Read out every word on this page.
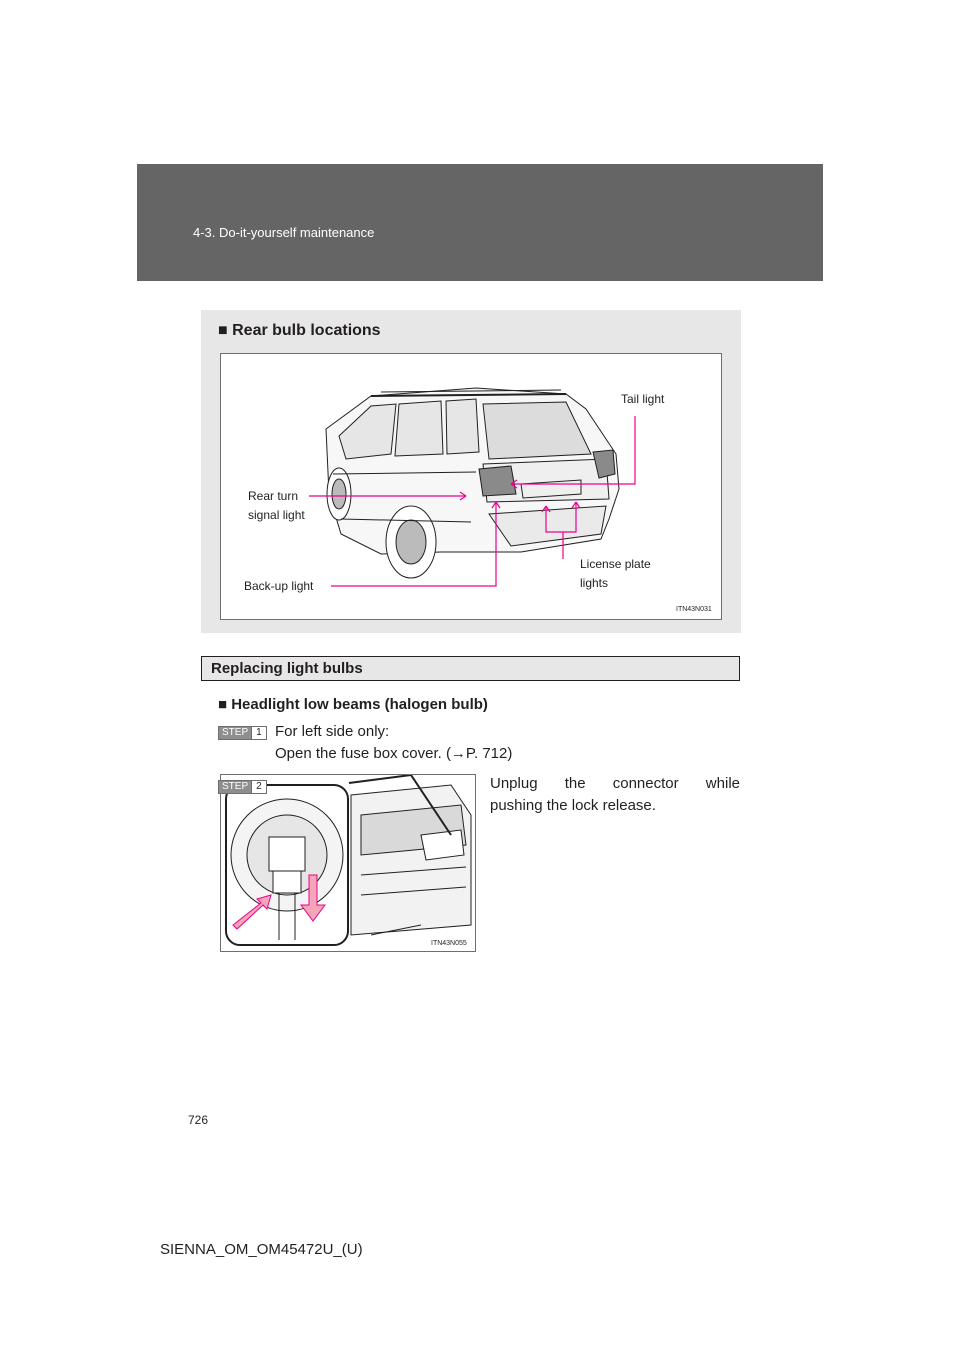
4-3. Do-it-yourself maintenance
■ Rear bulb locations
Tail light
Rear turn
signal light
License plate
lights
Back-up light
ITN43N031
Replacing light bulbs
■ Headlight low beams (halogen bulb)
STEP 1 For left side only:
Open the fuse box cover. (→P. 712)
ITN43N055
STEP 2	Unplug the connector while
pushing the lock release.
726
SIENNA_OM_OM45472U_(U)
